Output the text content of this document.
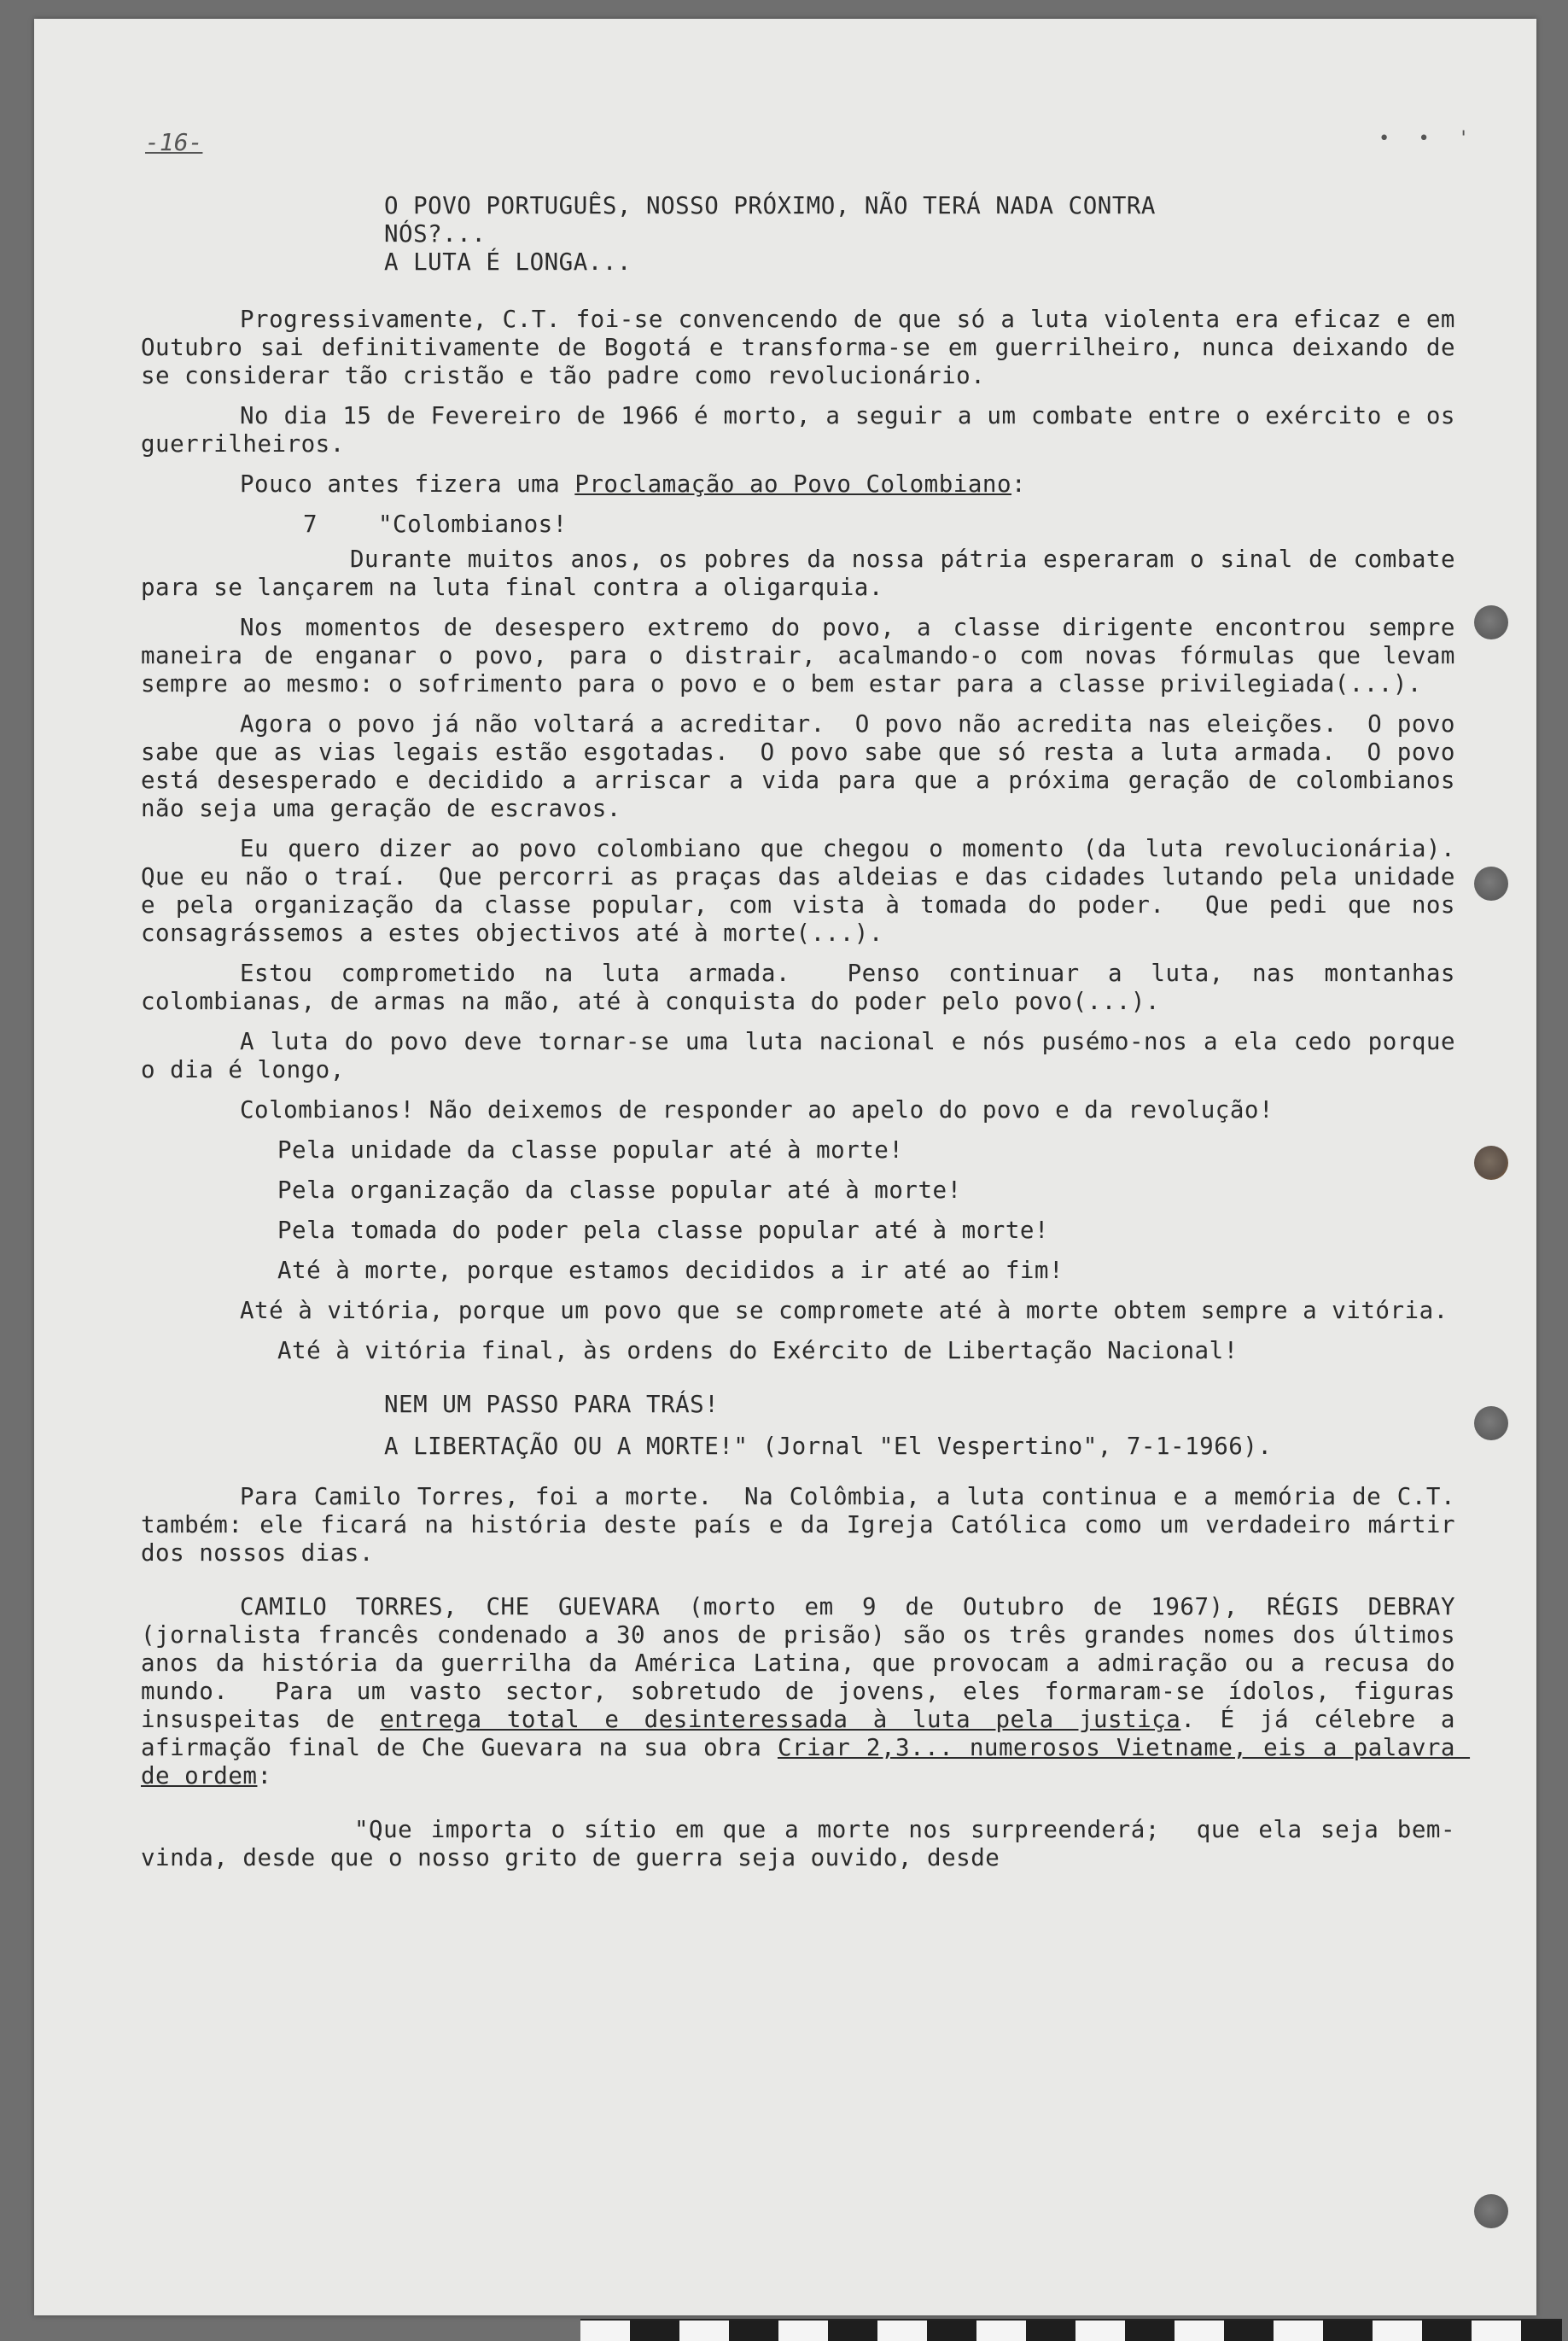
-16-	• • '

O POVO PORTUGUÊS, NOSSO PRÓXIMO, NÃO TERÁ NADA CONTRA
NÓS?...
A LUTA É LONGA...

Progressivamente, C.T. foi-se convencendo de que só a luta violenta era eficaz e em Outubro sai definitivamente de Bogotá e transforma-se em guerrilheiro, nunca deixando de se considerar tão cristão e tão padre como revolucionário.

No dia 15 de Fevereiro de 1966 é morto, a seguir a um combate entre o exército e os guerrilheiros.

Pouco antes fizera uma Proclamação ao Povo Colombiano:

7	"Colombianos!

Durante muitos anos, os pobres da nossa pátria esperaram o sinal de combate para se lançarem na luta final contra a oligarquia.

Nos momentos de desespero extremo do povo, a classe dirigente encontrou sempre maneira de enganar o povo, para o distrair, acalmando-o com novas fórmulas que levam sempre ao mesmo: o sofrimento para o povo e o bem estar para a classe privilegiada(...).

Agora o povo já não voltará a acreditar.  O povo não acredita nas eleições.  O povo sabe que as vias legais estão esgotadas.  O povo sabe que só resta a luta armada.  O povo está desesperado e decidido a arriscar a vida para que a próxima geração de colombianos não seja uma geração de escravos.

Eu quero dizer ao povo colombiano que chegou o momento (da luta revolucionária).  Que eu não o traí.  Que percorri as praças das aldeias e das cidades lutando pela unidade e pela organização da classe popular, com vista à tomada do poder.  Que pedi que nos consagrássemos a estes objectivos até à morte(...).

Estou comprometido na luta armada.  Penso continuar a luta, nas montanhas colombianas, de armas na mão, até à conquista do poder pelo povo(...).

A luta do povo deve tornar-se uma luta nacional e nós pusémo-nos a ela cedo porque o dia é longo,

Colombianos! Não deixemos de responder ao apelo do povo e da revolução!

Pela unidade da classe popular até à morte!

Pela organização da classe popular até à morte!

Pela tomada do poder pela classe popular até à morte!

Até à morte, porque estamos decididos a ir até ao fim!

Até à vitória, porque um povo que se compromete até à morte obtem sempre a vitória.

Até à vitória final, às ordens do Exército de Libertação Nacional!

NEM UM PASSO PARA TRÁS!

A LIBERTAÇÃO OU A MORTE!" (Jornal "El Vespertino", 7-1-1966).

Para Camilo Torres, foi a morte.  Na Colômbia, a luta continua e a memória de C.T. também: ele ficará na história deste país e da Igreja Católica como um verdadeiro mártir dos nossos dias.

CAMILO TORRES, CHE GUEVARA (morto em 9 de Outubro de 1967), RÉGIS DEBRAY (jornalista francês condenado a 30 anos de prisão) são os três grandes nomes dos últimos anos da história da guerrilha da América Latina, que provocam a admiração ou a recusa do mundo.  Para um vasto sector, sobretudo de jovens, eles formaram-se ídolos, figuras insuspeitas de entrega total e desinteressada à luta pela justiça. É já célebre a afirmação final de Che Guevara na sua obra Criar 2,3... numerosos Vietname, eis a palavra de ordem:

"Que importa o sítio em que a morte nos surpreenderá;  que ela seja bem-vinda, desde que o nosso grito de guerra seja ouvido, desde
